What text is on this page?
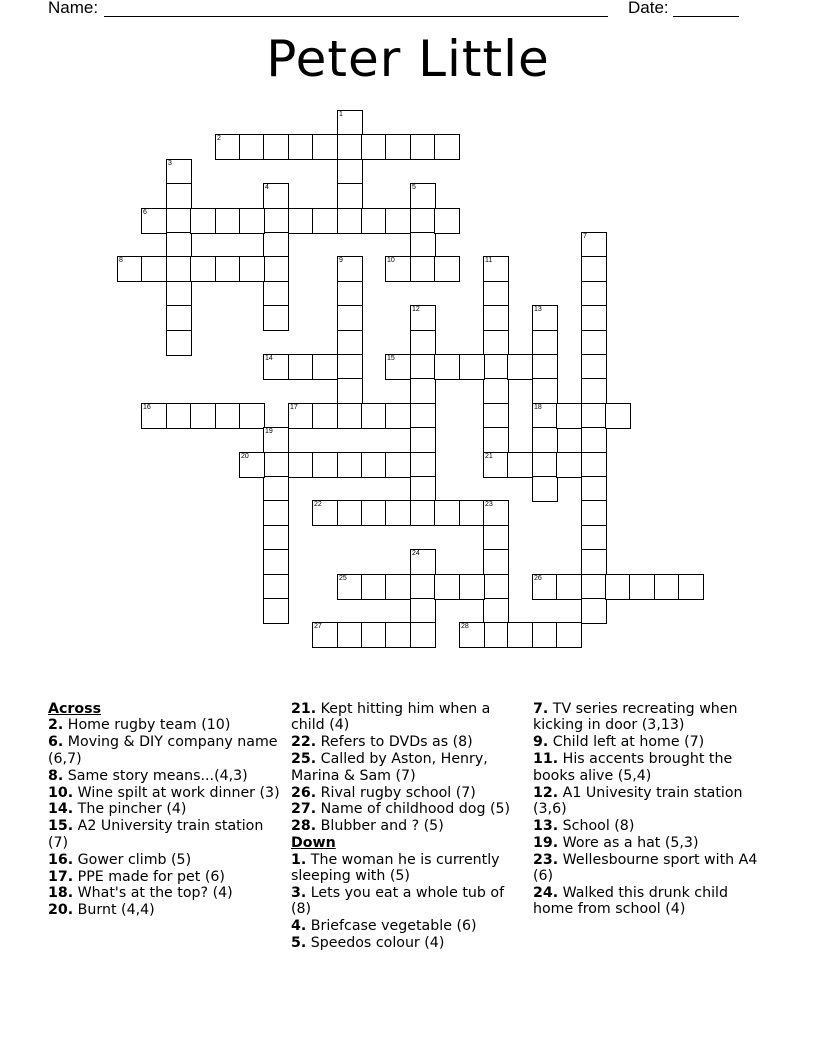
Name:	Date:
Peter Little
1
2
3
4	5
6
7
8	9	10	11
21
12	13
18
14	15
16	17
19
20
22	23
24
25	26
27	28
Across
2. Home rugby team (10)
6. Moving & DIY company name (6,7)
8. Same story means...(4,3)
10. Wine spilt at work dinner (3)
14. The pincher (4)
15. A2 University train station (7)
16. Gower climb (5)
17. PPE made for pet (6)
18. What's at the top? (4)
20. Burnt (4,4)
21. Kept hitting him when a child (4)
22. Refers to DVDs as (8)
25. Called by Aston, Henry, Marina & Sam (7)
26. Rival rugby school (7)
27. Name of childhood dog (5)
28. Blubber and ? (5)
Down
1. The woman he is currently sleeping with (5)
3. Lets you eat a whole tub of (8)
4. Briefcase vegetable (6)
5. Speedos colour (4)
7. TV series recreating when kicking in door (3,13)
9. Child left at home (7)
11. His accents brought the books alive (5,4)
12. A1 Univesity train station (3,6)
13. School (8)
19. Wore as a hat (5,3)
23. Wellesbourne sport with A4 (6)
24. Walked this drunk child home from school (4)
